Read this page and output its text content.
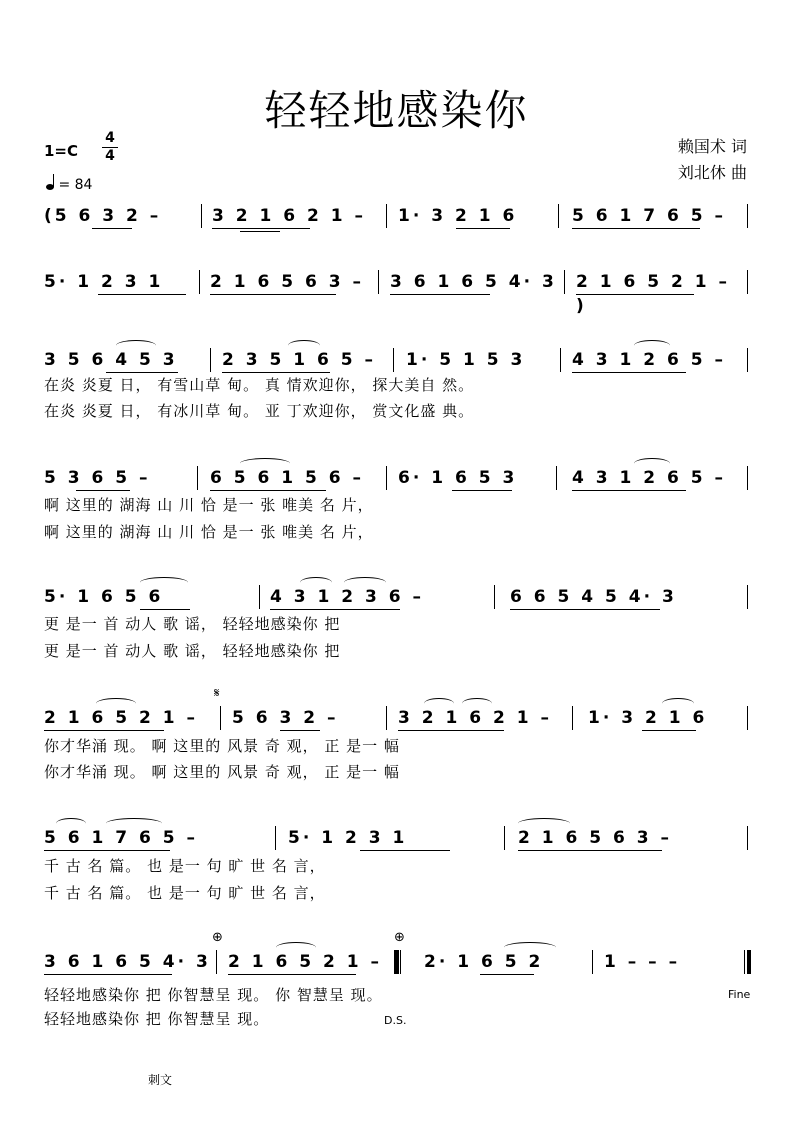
轻轻地感染你
1=C
4
4
= 84
赖国术 词
刘北休 曲
(5 6 3 2 –	3 2 1 6 2 1 – 1· 3 2 1 6	5 6 1 7 6 5 –
5· 1 2 3 1	2 1 6 5 6 3 – 3 6 1 6 5 4· 3 2 1 6 5 2 1 – )
3 5 6 4 5 3	2 3 5 1 6 5 – 1· 5 1 5 3	4 3 1 2 6 5 –
在炎 炎夏 日， 有雪山草 甸。 真 情欢迎你， 探大美自 然。
在炎 炎夏 日， 有冰川草 甸。 亚 丁欢迎你， 赏文化盛 典。
5 3 6 5 –	6 5 6 1 5 6 – 6· 1 6 5 3	4 3 1 2 6 5 –
啊 这里的 湖海 山 川 恰 是一 张 唯美 名 片，
啊 这里的 湖海 山 川 恰 是一 张 唯美 名 片，
5· 1 6 5 6	4 3 1 2 3 6 –	6 6 5 4 5 4· 3
更 是一 首 动人 歌 谣， 轻轻地感染你 把
更 是一 首 动人 歌 谣， 轻轻地感染你 把
𝄋
2 1 6 5 2 1 – 5 6 3 2 –	3 2 1 6 2 1 – 1· 3 2 1 6
你才华涌 现。 啊 这里的 风景 奇 观， 正 是一 幅
你才华涌 现。 啊 这里的 风景 奇 观， 正 是一 幅
5 6 1 7 6 5 –	5· 1 2 3 1	2 1 6 5 6 3 –
千 古 名 篇。 也 是一 句 旷 世 名 言，
千 古 名 篇。 也 是一 句 旷 世 名 言，
⊕	⊕
3 6 1 6 5 4· 3 2 1 6 5 2 1 – 2· 1 6 5 2	1 – – –
轻轻地感染你 把 你智慧呈 现。 你 智慧呈 现。
轻轻地感染你 把 你智慧呈 现。
Fine
D.S.
刺文
